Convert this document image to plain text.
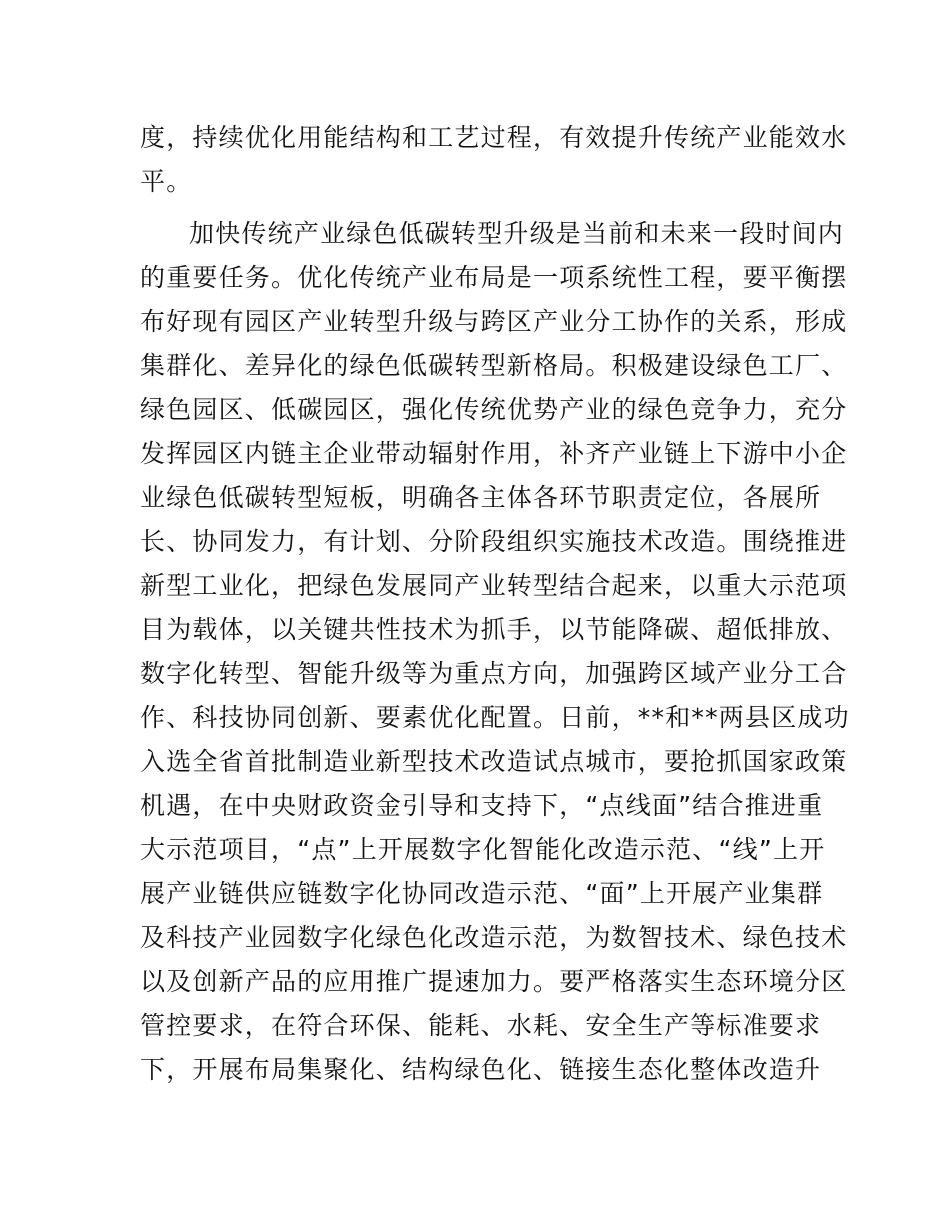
度，持续优化用能结构和工艺过程，有效提升传统产业能效水
平。
加快传统产业绿色低碳转型升级是当前和未来一段时间内
的重要任务。优化传统产业布局是一项系统性工程，要平衡摆
布好现有园区产业转型升级与跨区产业分工协作的关系，形成
集群化、差异化的绿色低碳转型新格局。积极建设绿色工厂、
绿色园区、低碳园区，强化传统优势产业的绿色竞争力，充分
发挥园区内链主企业带动辐射作用，补齐产业链上下游中小企
业绿色低碳转型短板，明确各主体各环节职责定位，各展所
长、协同发力，有计划、分阶段组织实施技术改造。围绕推进
新型工业化，把绿色发展同产业转型结合起来，以重大示范项
目为载体，以关键共性技术为抓手，以节能降碳、超低排放、
数字化转型、智能升级等为重点方向，加强跨区域产业分工合
作、科技协同创新、要素优化配置。日前，**和**两县区成功
入选全省首批制造业新型技术改造试点城市，要抢抓国家政策
机遇，在中央财政资金引导和支持下，“点线面”结合推进重
大示范项目，“点”上开展数字化智能化改造示范、“线”上开
展产业链供应链数字化协同改造示范、“面”上开展产业集群
及科技产业园数字化绿色化改造示范，为数智技术、绿色技术
以及创新产品的应用推广提速加力。要严格落实生态环境分区
管控要求，在符合环保、能耗、水耗、安全生产等标准要求
下，开展布局集聚化、结构绿色化、链接生态化整体改造升
